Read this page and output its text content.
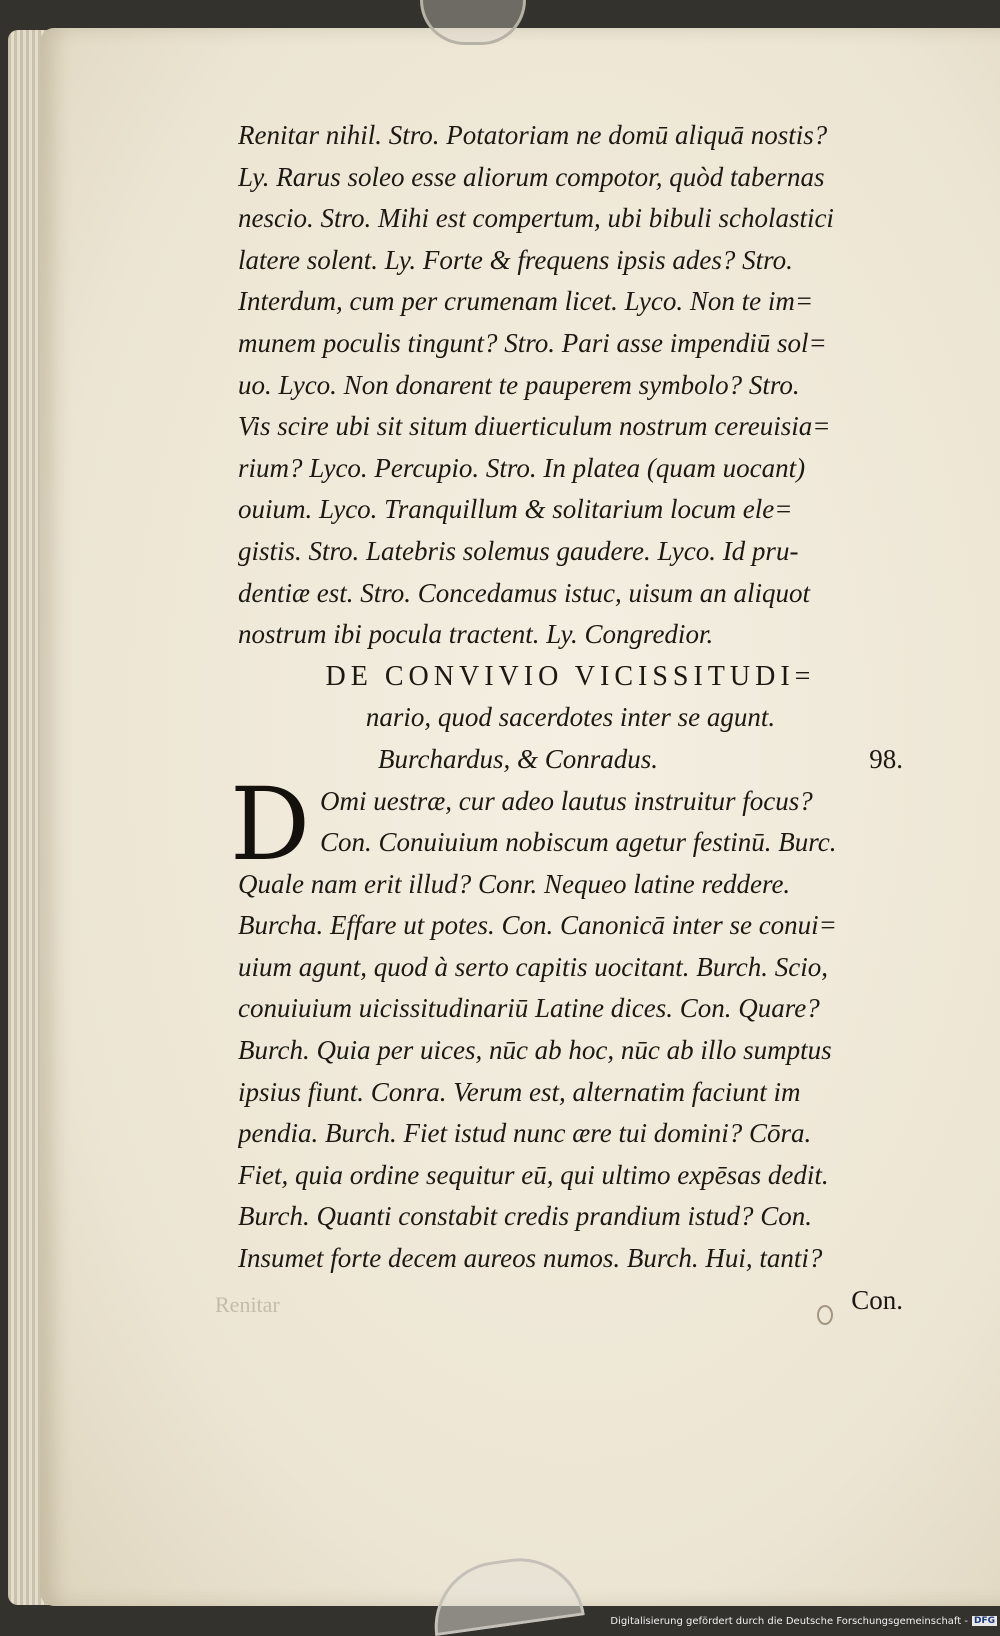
Renitar nihil. Stro. Potatoriam ne domū aliquā nostis?
Ly. Rarus soleo esse aliorum compotor, quòd tabernas
nescio. Stro. Mihi est compertum, ubi bibuli scholastici
latere solent. Ly. Forte & frequens ipsis ades? Stro.
Interdum, cum per crumenam licet. Lyco. Non te im=
munem poculis tingunt? Stro. Pari asse impendiū sol=
uo. Lyco. Non donarent te pauperem symbolo? Stro.
Vis scire ubi sit situm diuerticulum nostrum cereuisia=
rium? Lyco. Percupio. Stro. In platea (quam uocant)
ouium. Lyco. Tranquillum & solitarium locum ele=
gistis. Stro. Latebris solemus gaudere. Lyco. Id pru-
dentiæ est. Stro. Concedamus istuc, uisum an aliquot
nostrum ibi pocula tractent. Ly. Congredior.
DE CONVIVIO VICISSITUDI=
nario, quod sacerdotes inter se agunt.
Burchardus, & Conradus.	98.
D Omi uestræ, cur adeo lautus instruitur focus?
Con. Conuiuium nobiscum agetur festinū. Burc.
Quale nam erit illud? Conr. Nequeo latine reddere.
Burcha. Effare ut potes. Con. Canonicā inter se conui=
uium agunt, quod à serto capitis uocitant. Burch. Scio,
conuiuium uicissitudinariū Latine dices. Con. Quare?
Burch. Quia per uices, nūc ab hoc, nūc ab illo sumptus
ipsius fiunt. Conra. Verum est, alternatim faciunt im
pendia. Burch. Fiet istud nunc ære tui domini? Cōra.
Fiet, quia ordine sequitur eū, qui ultimo expēsas dedit.
Burch. Quanti constabit credis prandium istud? Con.
Insumet forte decem aureos numos. Burch. Hui, tanti?
Con.
Renitar
Digitalisierung gefördert durch die Deutsche Forschungsgemeinschaft - DFG
